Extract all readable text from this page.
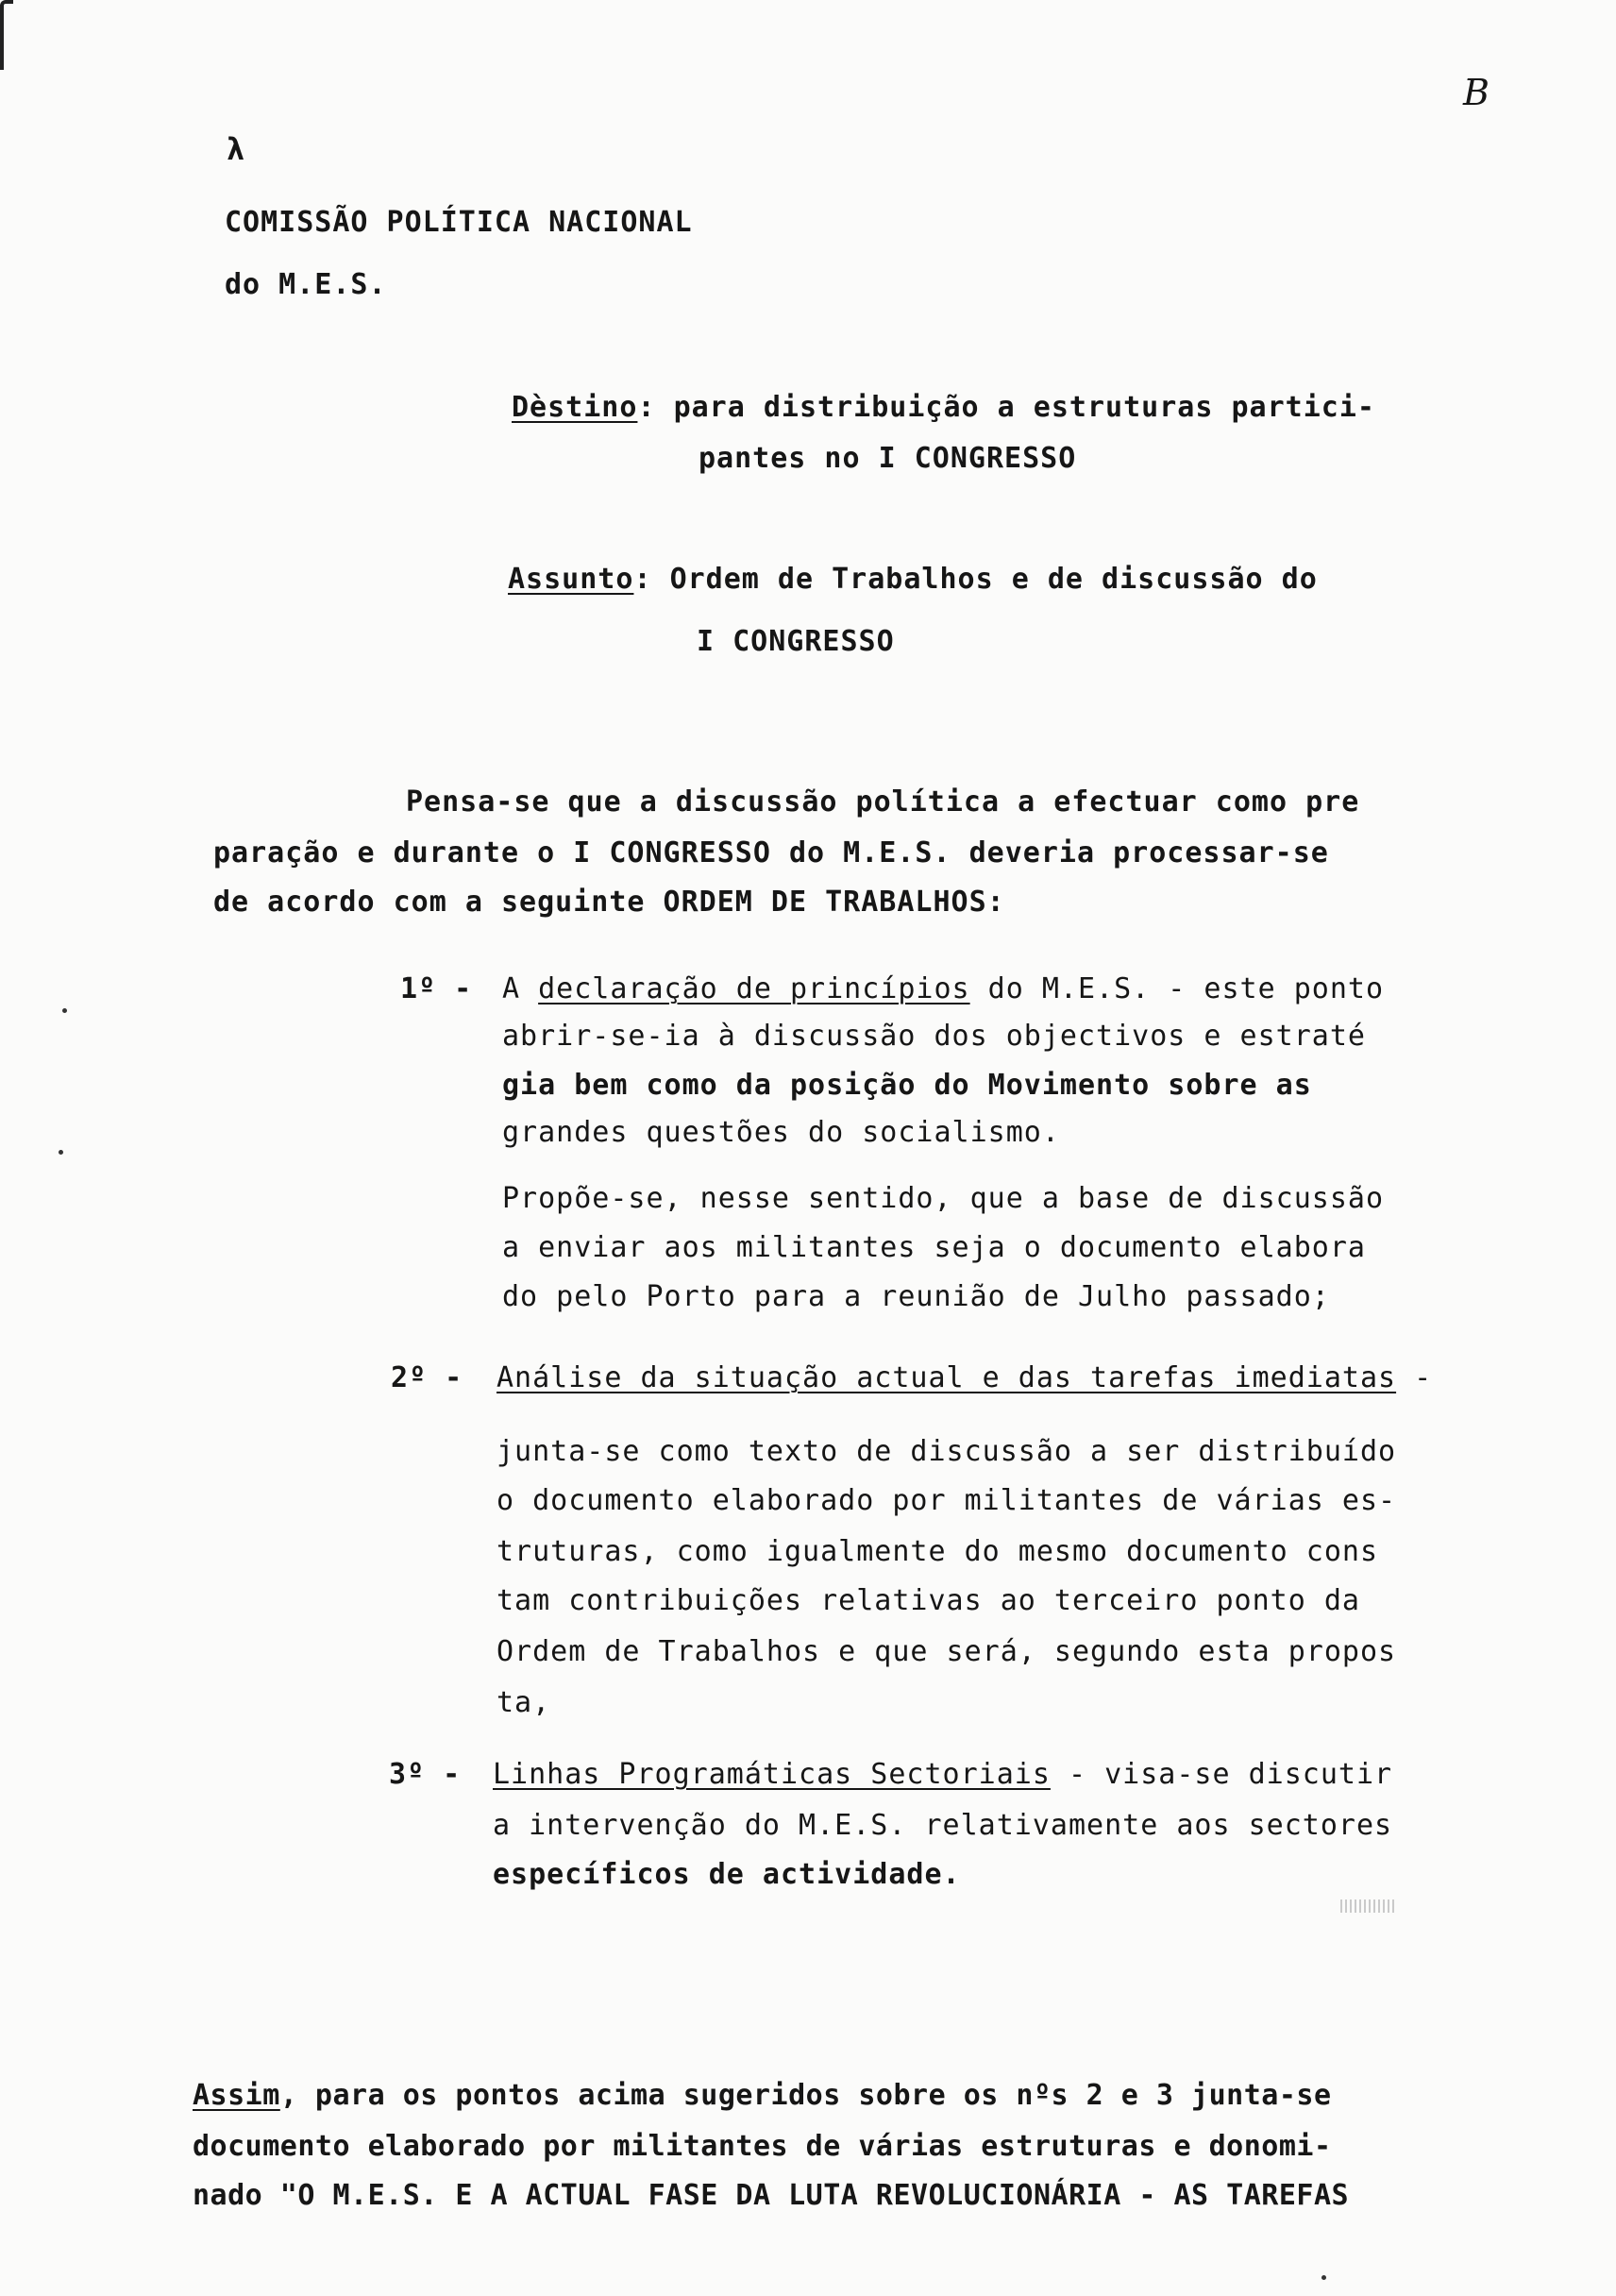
B
λ
COMISSÃO POLÍTICA NACIONAL
do M.E.S.
Dèstino: para distribuição a estruturas partici-
pantes no I CONGRESSO
Assunto: Ordem de Trabalhos e de discussão do
I CONGRESSO
Pensa-se que a discussão política a efectuar como pre
paração e durante o I CONGRESSO do M.E.S. deveria processar-se
de acordo com a seguinte ORDEM DE TRABALHOS:
1º - A declaração de princípios do M.E.S. - este ponto
abrir-se-ia à discussão dos objectivos e estraté
gia bem como da posição do Movimento sobre as
grandes questões do socialismo.
Propõe-se, nesse sentido, que a base de discussão
a enviar aos militantes seja o documento elabora
do pelo Porto para a reunião de Julho passado;
2º - Análise da situação actual e das tarefas imediatas -
junta-se como texto de discussão a ser distribuído
o documento elaborado por militantes de várias es-
truturas, como igualmente do mesmo documento cons
tam contribuições relativas ao terceiro ponto da
Ordem de Trabalhos e que será, segundo esta propos
ta,
3º - Linhas Programáticas Sectoriais - visa-se discutir
a intervenção do M.E.S. relativamente aos sectores
específicos de actividade.
Assim, para os pontos acima sugeridos sobre os nºs 2 e 3 junta-se
documento elaborado por militantes de várias estruturas e donomi-
nado "O M.E.S. E A ACTUAL FASE DA LUTA REVOLUCIONÁRIA - AS TAREFAS
